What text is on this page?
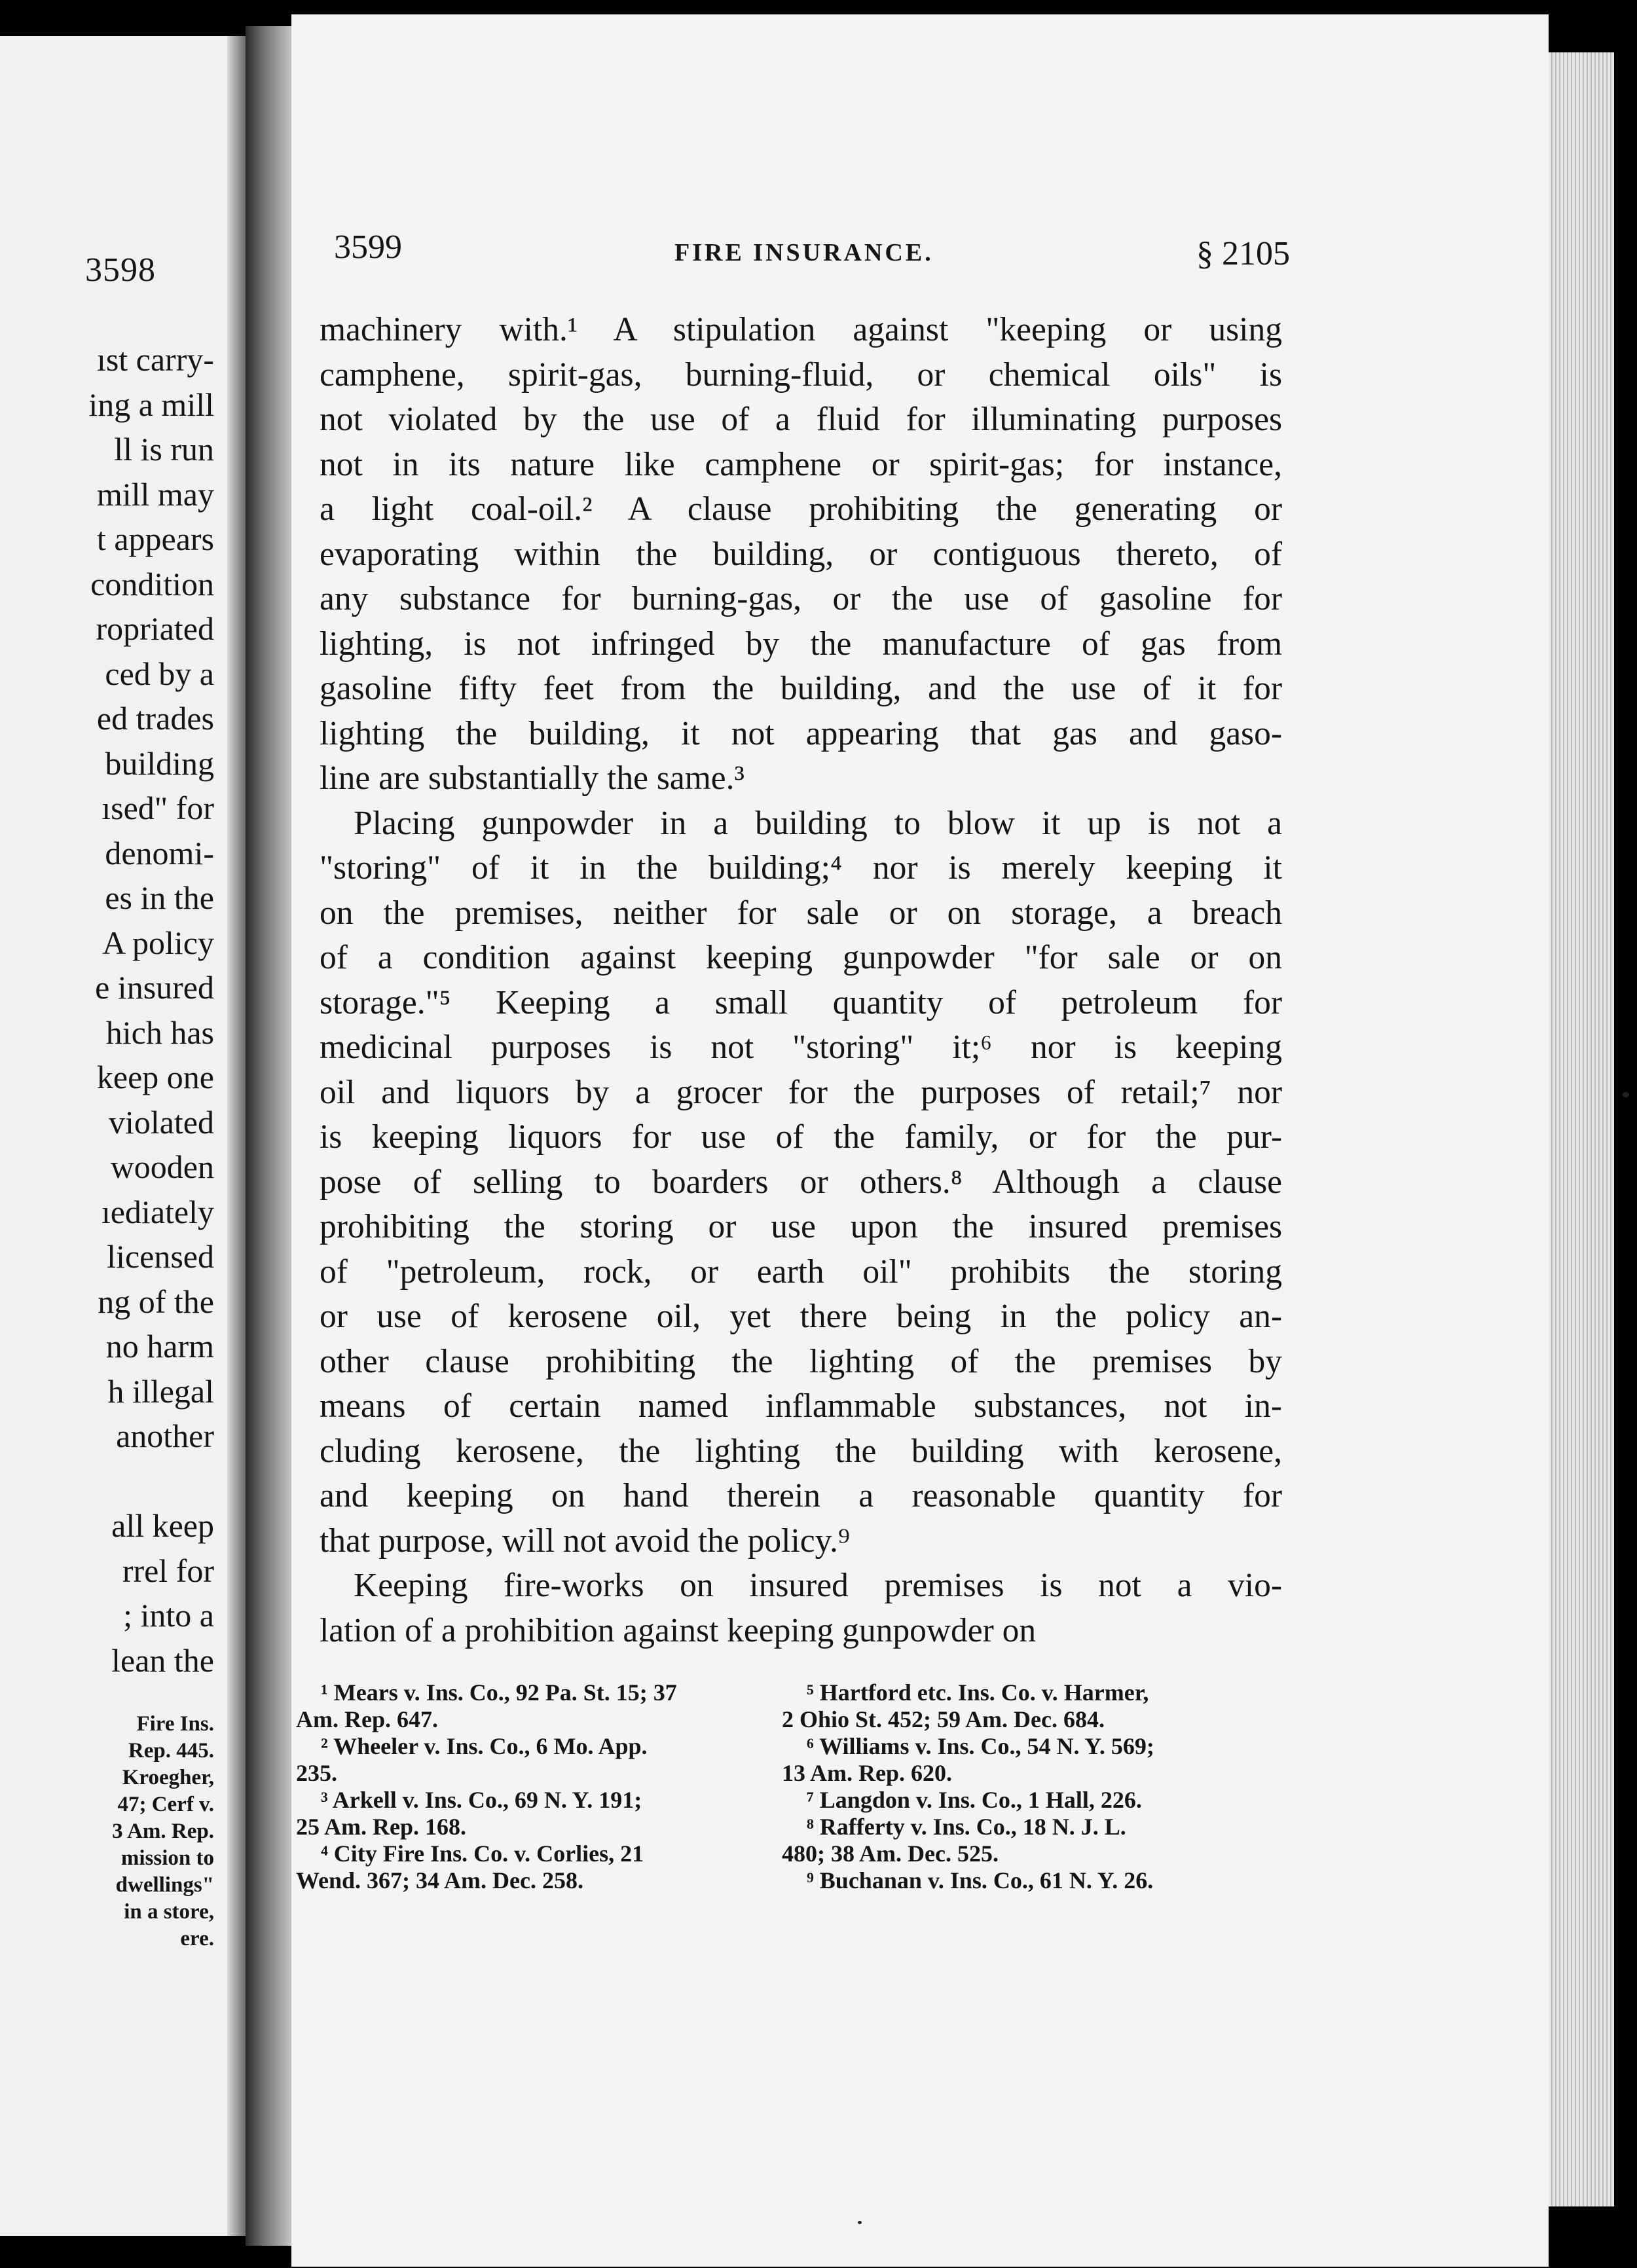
3598
ıst carry-
ing a mill
ll is run
mill may
t appears
condition
ropriated
ced by a
ed trades
building
ısed" for
denomi-
es in the
A policy
e insured
hich has
keep one
violated
wooden
ıediately
licensed
ng of the
no harm
h illegal
another

all keep
rrel for
; into a
lean the
Fire Ins.
Rep. 445.
Kroegher,
47; Cerf v.
3 Am. Rep.
mission to
dwellings"
in a store,
ere.
3599	FIRE INSURANCE.	§ 2105
machinery with.¹ A stipulation against "keeping or using
camphene, spirit-gas, burning-fluid, or chemical oils" is
not violated by the use of a fluid for illuminating purposes
not in its nature like camphene or spirit-gas; for instance,
a light coal-oil.² A clause prohibiting the generating or
evaporating within the building, or contiguous thereto, of
any substance for burning-gas, or the use of gasoline for
lighting, is not infringed by the manufacture of gas from
gasoline fifty feet from the building, and the use of it for
lighting the building, it not appearing that gas and gaso-
line are substantially the same.³
Placing gunpowder in a building to blow it up is not a
"storing" of it in the building;⁴ nor is merely keeping it
on the premises, neither for sale or on storage, a breach
of a condition against keeping gunpowder "for sale or on
storage."⁵ Keeping a small quantity of petroleum for
medicinal purposes is not "storing" it;⁶ nor is keeping
oil and liquors by a grocer for the purposes of retail;⁷ nor
is keeping liquors for use of the family, or for the pur-
pose of selling to boarders or others.⁸ Although a clause
prohibiting the storing or use upon the insured premises
of "petroleum, rock, or earth oil" prohibits the storing
or use of kerosene oil, yet there being in the policy an-
other clause prohibiting the lighting of the premises by
means of certain named inflammable substances, not in-
cluding kerosene, the lighting the building with kerosene,
and keeping on hand therein a reasonable quantity for
that purpose, will not avoid the policy.⁹
Keeping fire-works on insured premises is not a vio-
lation of a prohibition against keeping gunpowder on
¹ Mears v. Ins. Co., 92 Pa. St. 15; 37
Am. Rep. 647.
² Wheeler v. Ins. Co., 6 Mo. App.
235.
³ Arkell v. Ins. Co., 69 N. Y. 191;
25 Am. Rep. 168.
⁴ City Fire Ins. Co. v. Corlies, 21
Wend. 367; 34 Am. Dec. 258.
⁵ Hartford etc. Ins. Co. v. Harmer,
2 Ohio St. 452; 59 Am. Dec. 684.
⁶ Williams v. Ins. Co., 54 N. Y. 569;
13 Am. Rep. 620.
⁷ Langdon v. Ins. Co., 1 Hall, 226.
⁸ Rafferty v. Ins. Co., 18 N. J. L.
480; 38 Am. Dec. 525.
⁹ Buchanan v. Ins. Co., 61 N. Y. 26.
